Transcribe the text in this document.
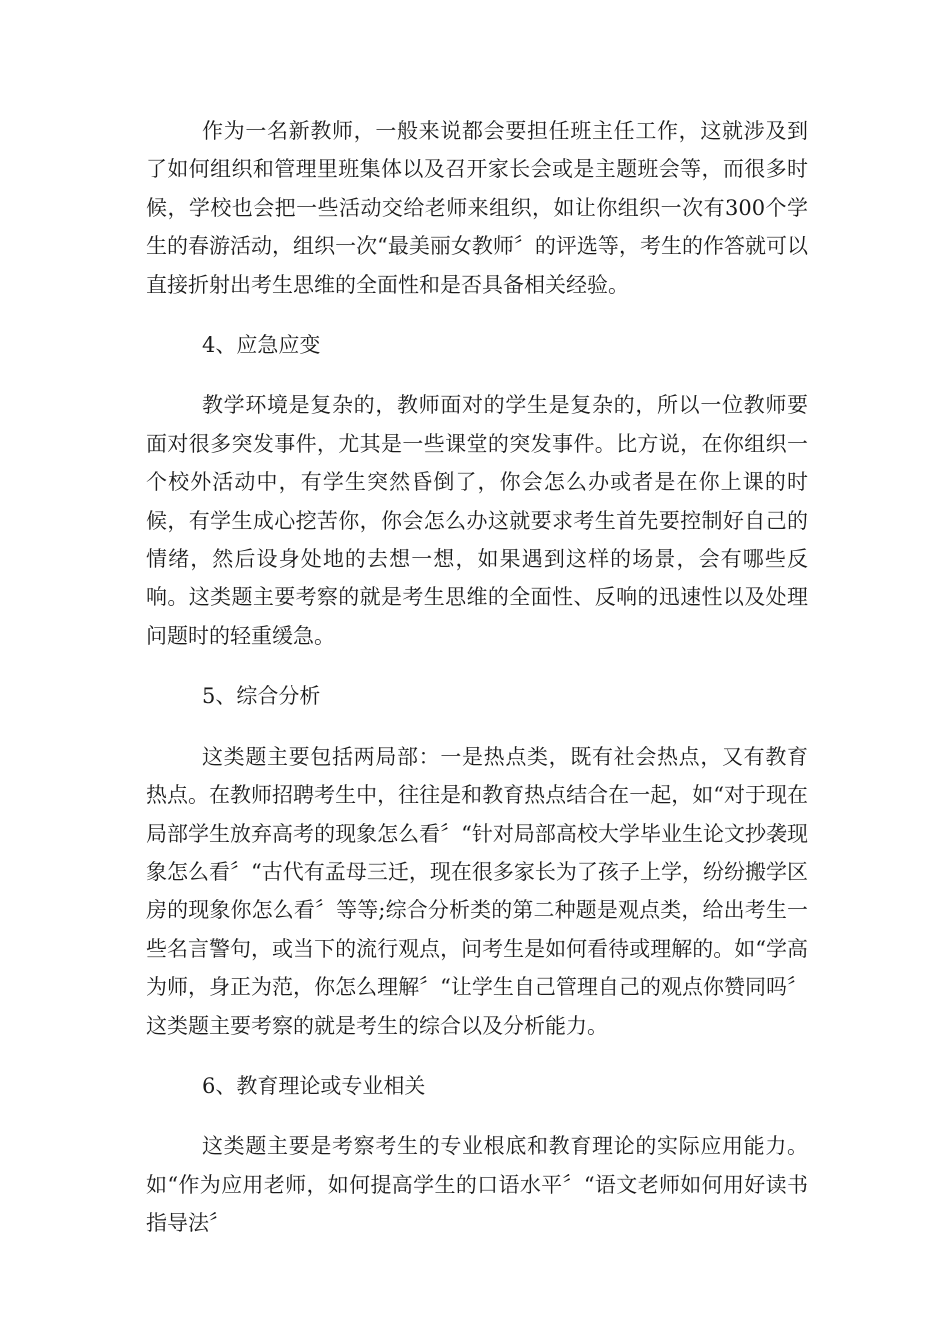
作为一名新教师，一般来说都会要担任班主任工作，这就涉及到了如何组织和管理里班集体以及召开家长会或是主题班会等，而很多时候，学校也会把一些活动交给老师来组织，如让你组织一次有300个学生的春游活动，组织一次“最美丽女教师〞的评选等，考生的作答就可以直接折射出考生思维的全面性和是否具备相关经验。

4、应急应变

教学环境是复杂的，教师面对的学生是复杂的，所以一位教师要面对很多突发事件，尤其是一些课堂的突发事件。比方说，在你组织一个校外活动中，有学生突然昏倒了，你会怎么办或者是在你上课的时候，有学生成心挖苦你，你会怎么办这就要求考生首先要控制好自己的情绪，然后设身处地的去想一想，如果遇到这样的场景，会有哪些反响。这类题主要考察的就是考生思维的全面性、反响的迅速性以及处理问题时的轻重缓急。

5、综合分析

这类题主要包括两局部：一是热点类，既有社会热点，又有教育热点。在教师招聘考生中，往往是和教育热点结合在一起，如“对于现在局部学生放弃高考的现象怎么看〞“针对局部高校大学毕业生论文抄袭现象怎么看〞“古代有孟母三迁，现在很多家长为了孩子上学，纷纷搬学区房的现象你怎么看〞等等;综合分析类的第二种题是观点类，给出考生一些名言警句，或当下的流行观点，问考生是如何看待或理解的。如“学高为师，身正为范，你怎么理解〞“让学生自己管理自己的观点你赞同吗〞这类题主要考察的就是考生的综合以及分析能力。

6、教育理论或专业相关

这类题主要是考察考生的专业根底和教育理论的实际应用能力。如“作为应用老师，如何提高学生的口语水平〞“语文老师如何用好读书指导法〞
